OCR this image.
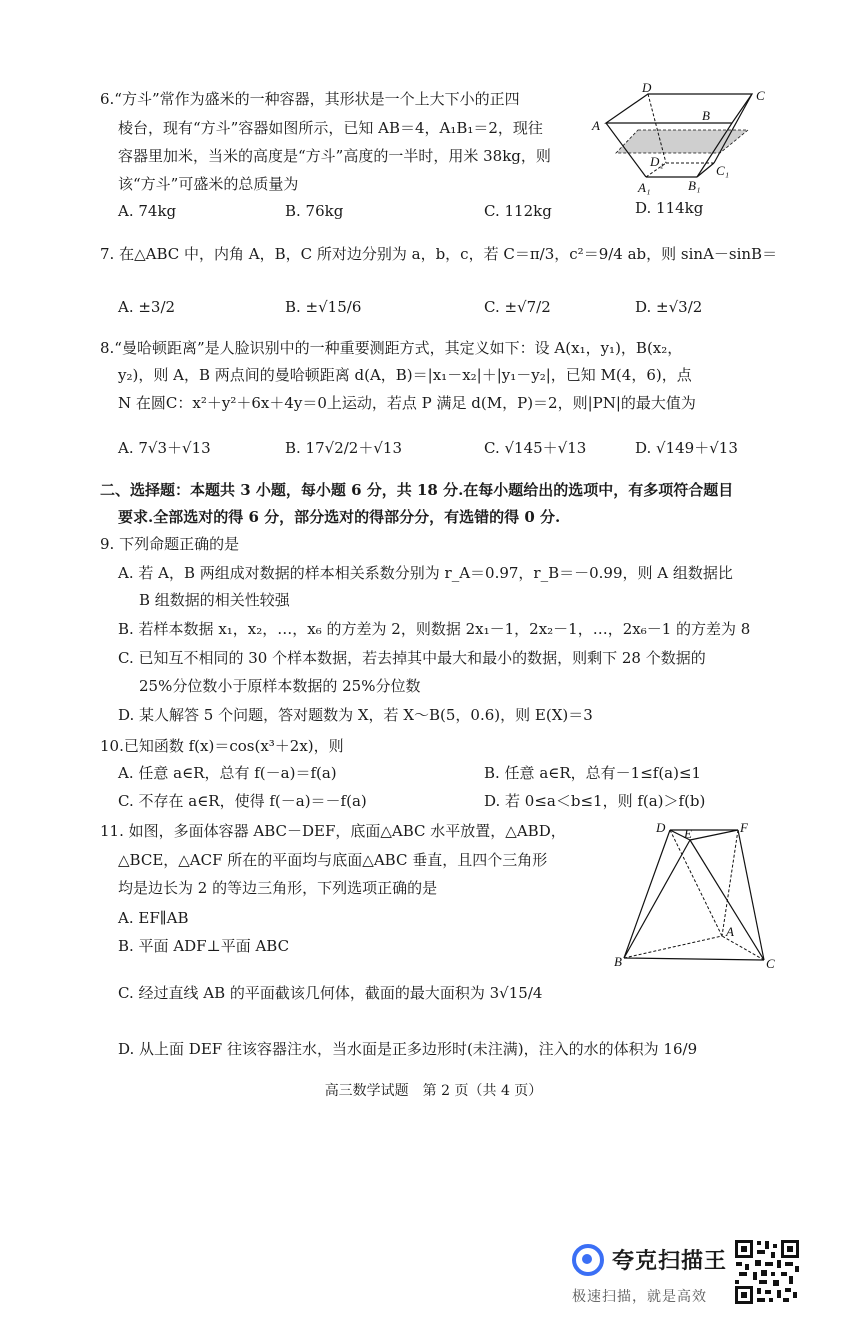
6.“方斗”常作为盛米的一种容器，其形状是一个上大下小的正四
棱台，现有“方斗”容器如图所示，已知 AB＝4，A₁B₁＝2，现往
容器里加米，当米的高度是“方斗”高度的一半时，用米 38kg，则
该“方斗”可盛米的总质量为
A. 74kg	B. 76kg	C. 112kg	D. 114kg
D
C
A
B
D₁
C₁
A₁	B₁
7. 在△ABC 中，内角 A，B，C 所对边分别为 a，b，c，若 C＝π/3，c²＝9/4 ab，则 sinA－sinB＝
A. ±3/2	B. ±√15/6	C. ±√7/2	D. ±√3/2
8.“曼哈顿距离”是人脸识别中的一种重要测距方式，其定义如下：设 A(x₁，y₁)，B(x₂，
y₂)，则 A，B 两点间的曼哈顿距离 d(A，B)＝|x₁－x₂|＋|y₁－y₂|，已知 M(4，6)，点
N 在圆C：x²＋y²＋6x＋4y＝0上运动，若点 P 满足 d(M，P)＝2，则|PN|的最大值为
A. 7√3＋√13	B. 17√2/2＋√13	C. √145＋√13	D. √149＋√13
二、选择题：本题共 3 小题，每小题 6 分，共 18 分.在每小题给出的选项中，有多项符合题目
要求.全部选对的得 6 分，部分选对的得部分分，有选错的得 0 分.
9. 下列命题正确的是
A. 若 A，B 两组成对数据的样本相关系数分别为 r_A＝0.97，r_B＝－0.99，则 A 组数据比
B 组数据的相关性较强
B. 若样本数据 x₁，x₂，…，x₆ 的方差为 2，则数据 2x₁－1，2x₂－1，…，2x₆－1 的方差为 8
C. 已知互不相同的 30 个样本数据，若去掉其中最大和最小的数据，则剩下 28 个数据的
25%分位数小于原样本数据的 25%分位数
D. 某人解答 5 个问题，答对题数为 X，若 X～B(5，0.6)，则 E(X)＝3
10.已知函数 f(x)＝cos(x³＋2x)，则
A. 任意 a∈R，总有 f(－a)＝f(a)	B. 任意 a∈R，总有－1≤f(a)≤1
C. 不存在 a∈R，使得 f(－a)＝－f(a)	D. 若 0≤a＜b≤1，则 f(a)＞f(b)
11. 如图，多面体容器 ABC－DEF，底面△ABC 水平放置，△ABD，
△BCE，△ACF 所在的平面均与底面△ABC 垂直，且四个三角形
均是边长为 2 的等边三角形，下列选项正确的是
A. EF∥AB
B. 平面 ADF⊥平面 ABC
C. 经过直线 AB 的平面截该几何体，截面的最大面积为 3√15/4
D. 从上面 DEF 往该容器注水，当水面是正多边形时(未注满)，注入的水的体积为 16/9
D E	F
A
B	C
高三数学试题　第 2 页（共 4 页）
夸克扫描王
极速扫描，就是高效
